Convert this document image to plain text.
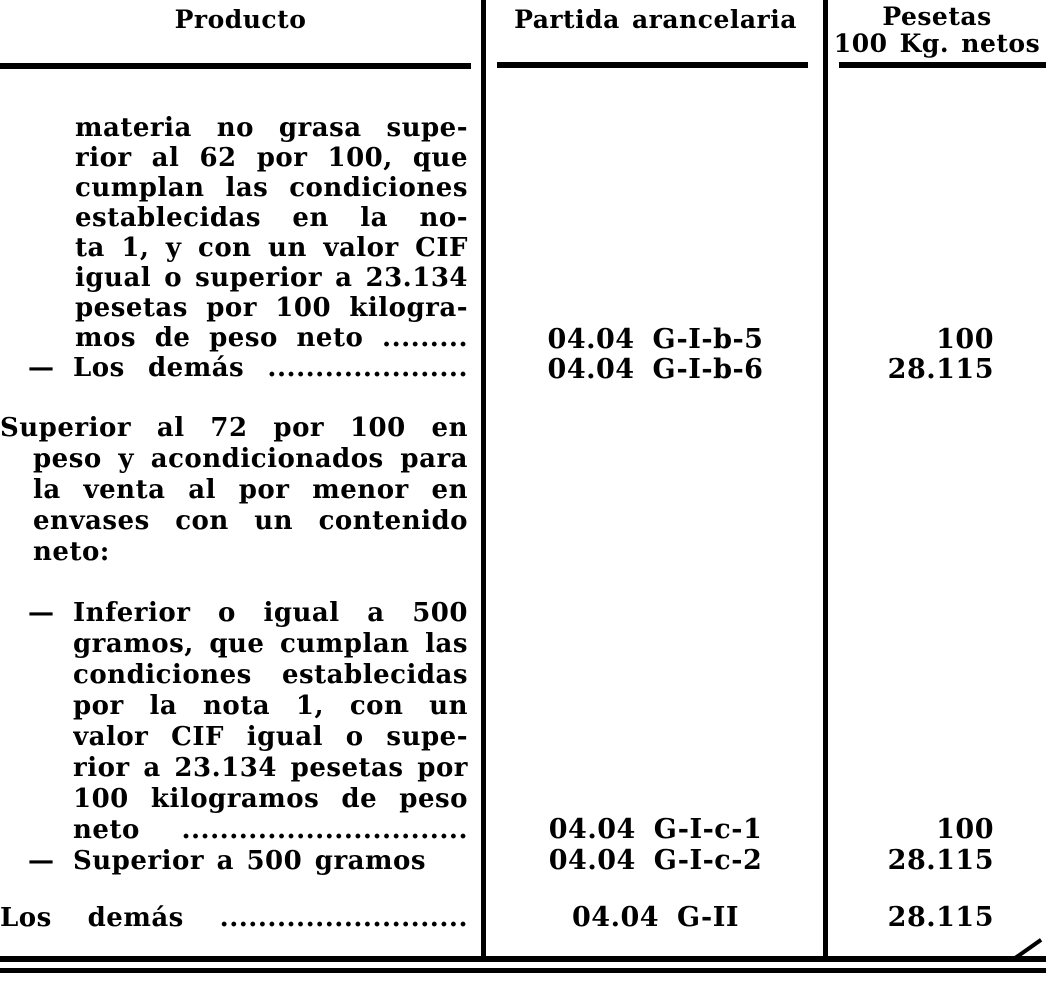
Producto	Partida arancelaria	Pesetas
100 Kg. netos
materia no grasa supe-
rior al 62 por 100, que
cumplan las condiciones
establecidas en la no-
ta 1, y con un valor CIF
igual o superior a 23.134
pesetas por 100 kilogra-
mos de peso neto .........
— Los demás .....................
Superior al 72 por 100 en
peso y acondicionados para
la venta al por menor en
envases con un contenido
neto:
— Inferior o igual a 500
gramos, que cumplan las
condiciones establecidas
por la nota 1, con un
valor CIF igual o supe-
rior a 23.134 pesetas por
100 kilogramos de peso
neto ..............................
— Superior a 500 gramos
Los demás ..........................
04.04 G-I-b-5
04.04 G-I-b-6
04.04 G-I-c-1
04.04 G-I-c-2
04.04 G-II
100
28.115
100
28.115
28.115
